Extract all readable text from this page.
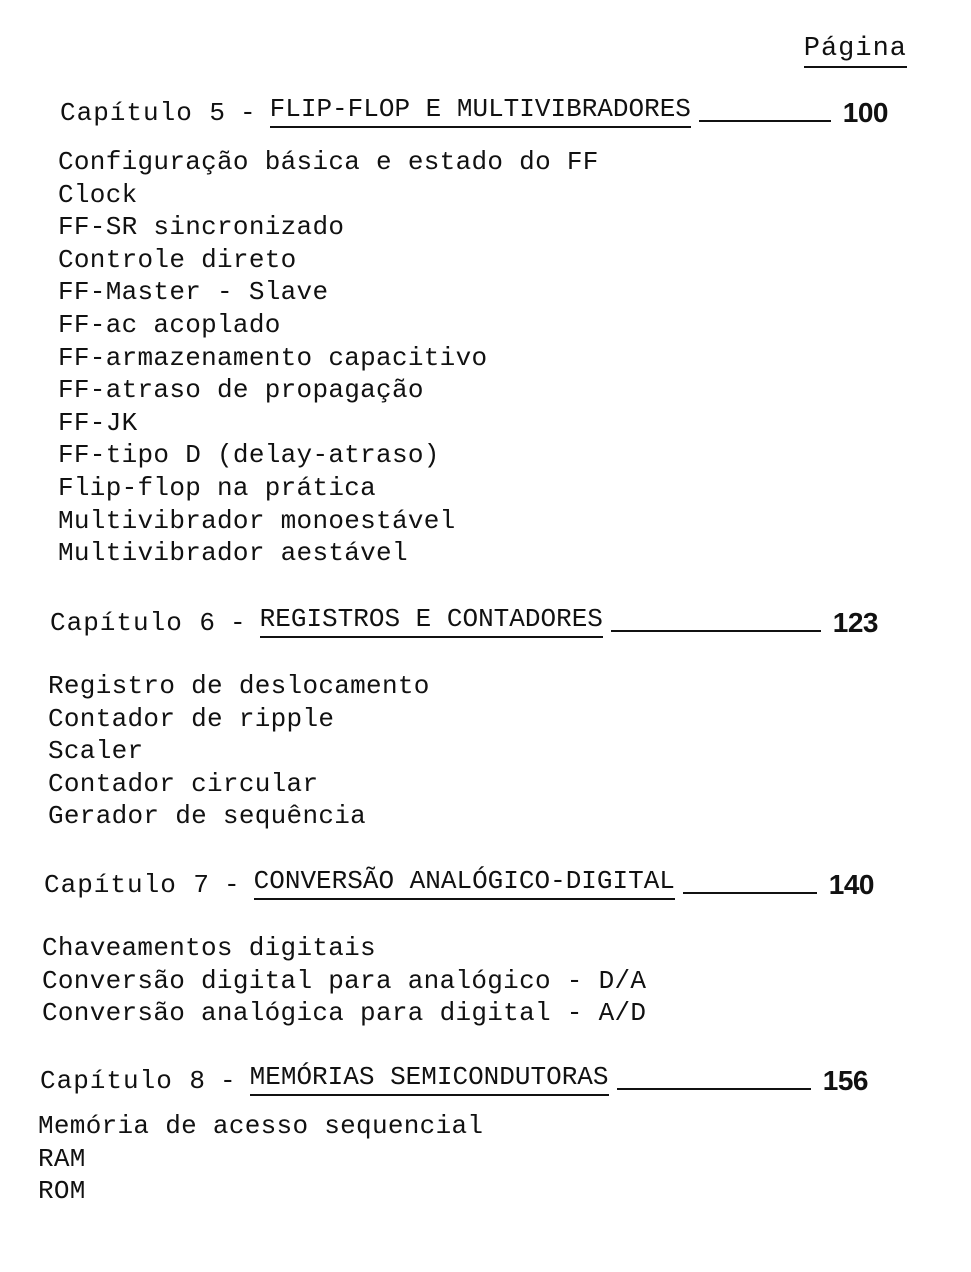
Página
Capítulo 5 - FLIP-FLOP E MULTIVIBRADORES	100
Configuração básica e estado do FF
Clock
FF-SR sincronizado
Controle direto
FF-Master - Slave
FF-ac acoplado
FF-armazenamento capacitivo
FF-atraso de propagação
FF-JK
FF-tipo D (delay-atraso)
Flip-flop na prática
Multivibrador monoestável
Multivibrador aestável
Capítulo 6 - REGISTROS E CONTADORES	123
Registro de deslocamento
Contador de ripple
Scaler
Contador circular
Gerador de sequência
Capítulo 7 - CONVERSÃO ANALÓGICO-DIGITAL	140
Chaveamentos digitais
Conversão digital para analógico - D/A
Conversão analógica para digital - A/D
Capítulo 8 - MEMÓRIAS SEMICONDUTORAS	156
Memória de acesso sequencial
RAM
ROM
